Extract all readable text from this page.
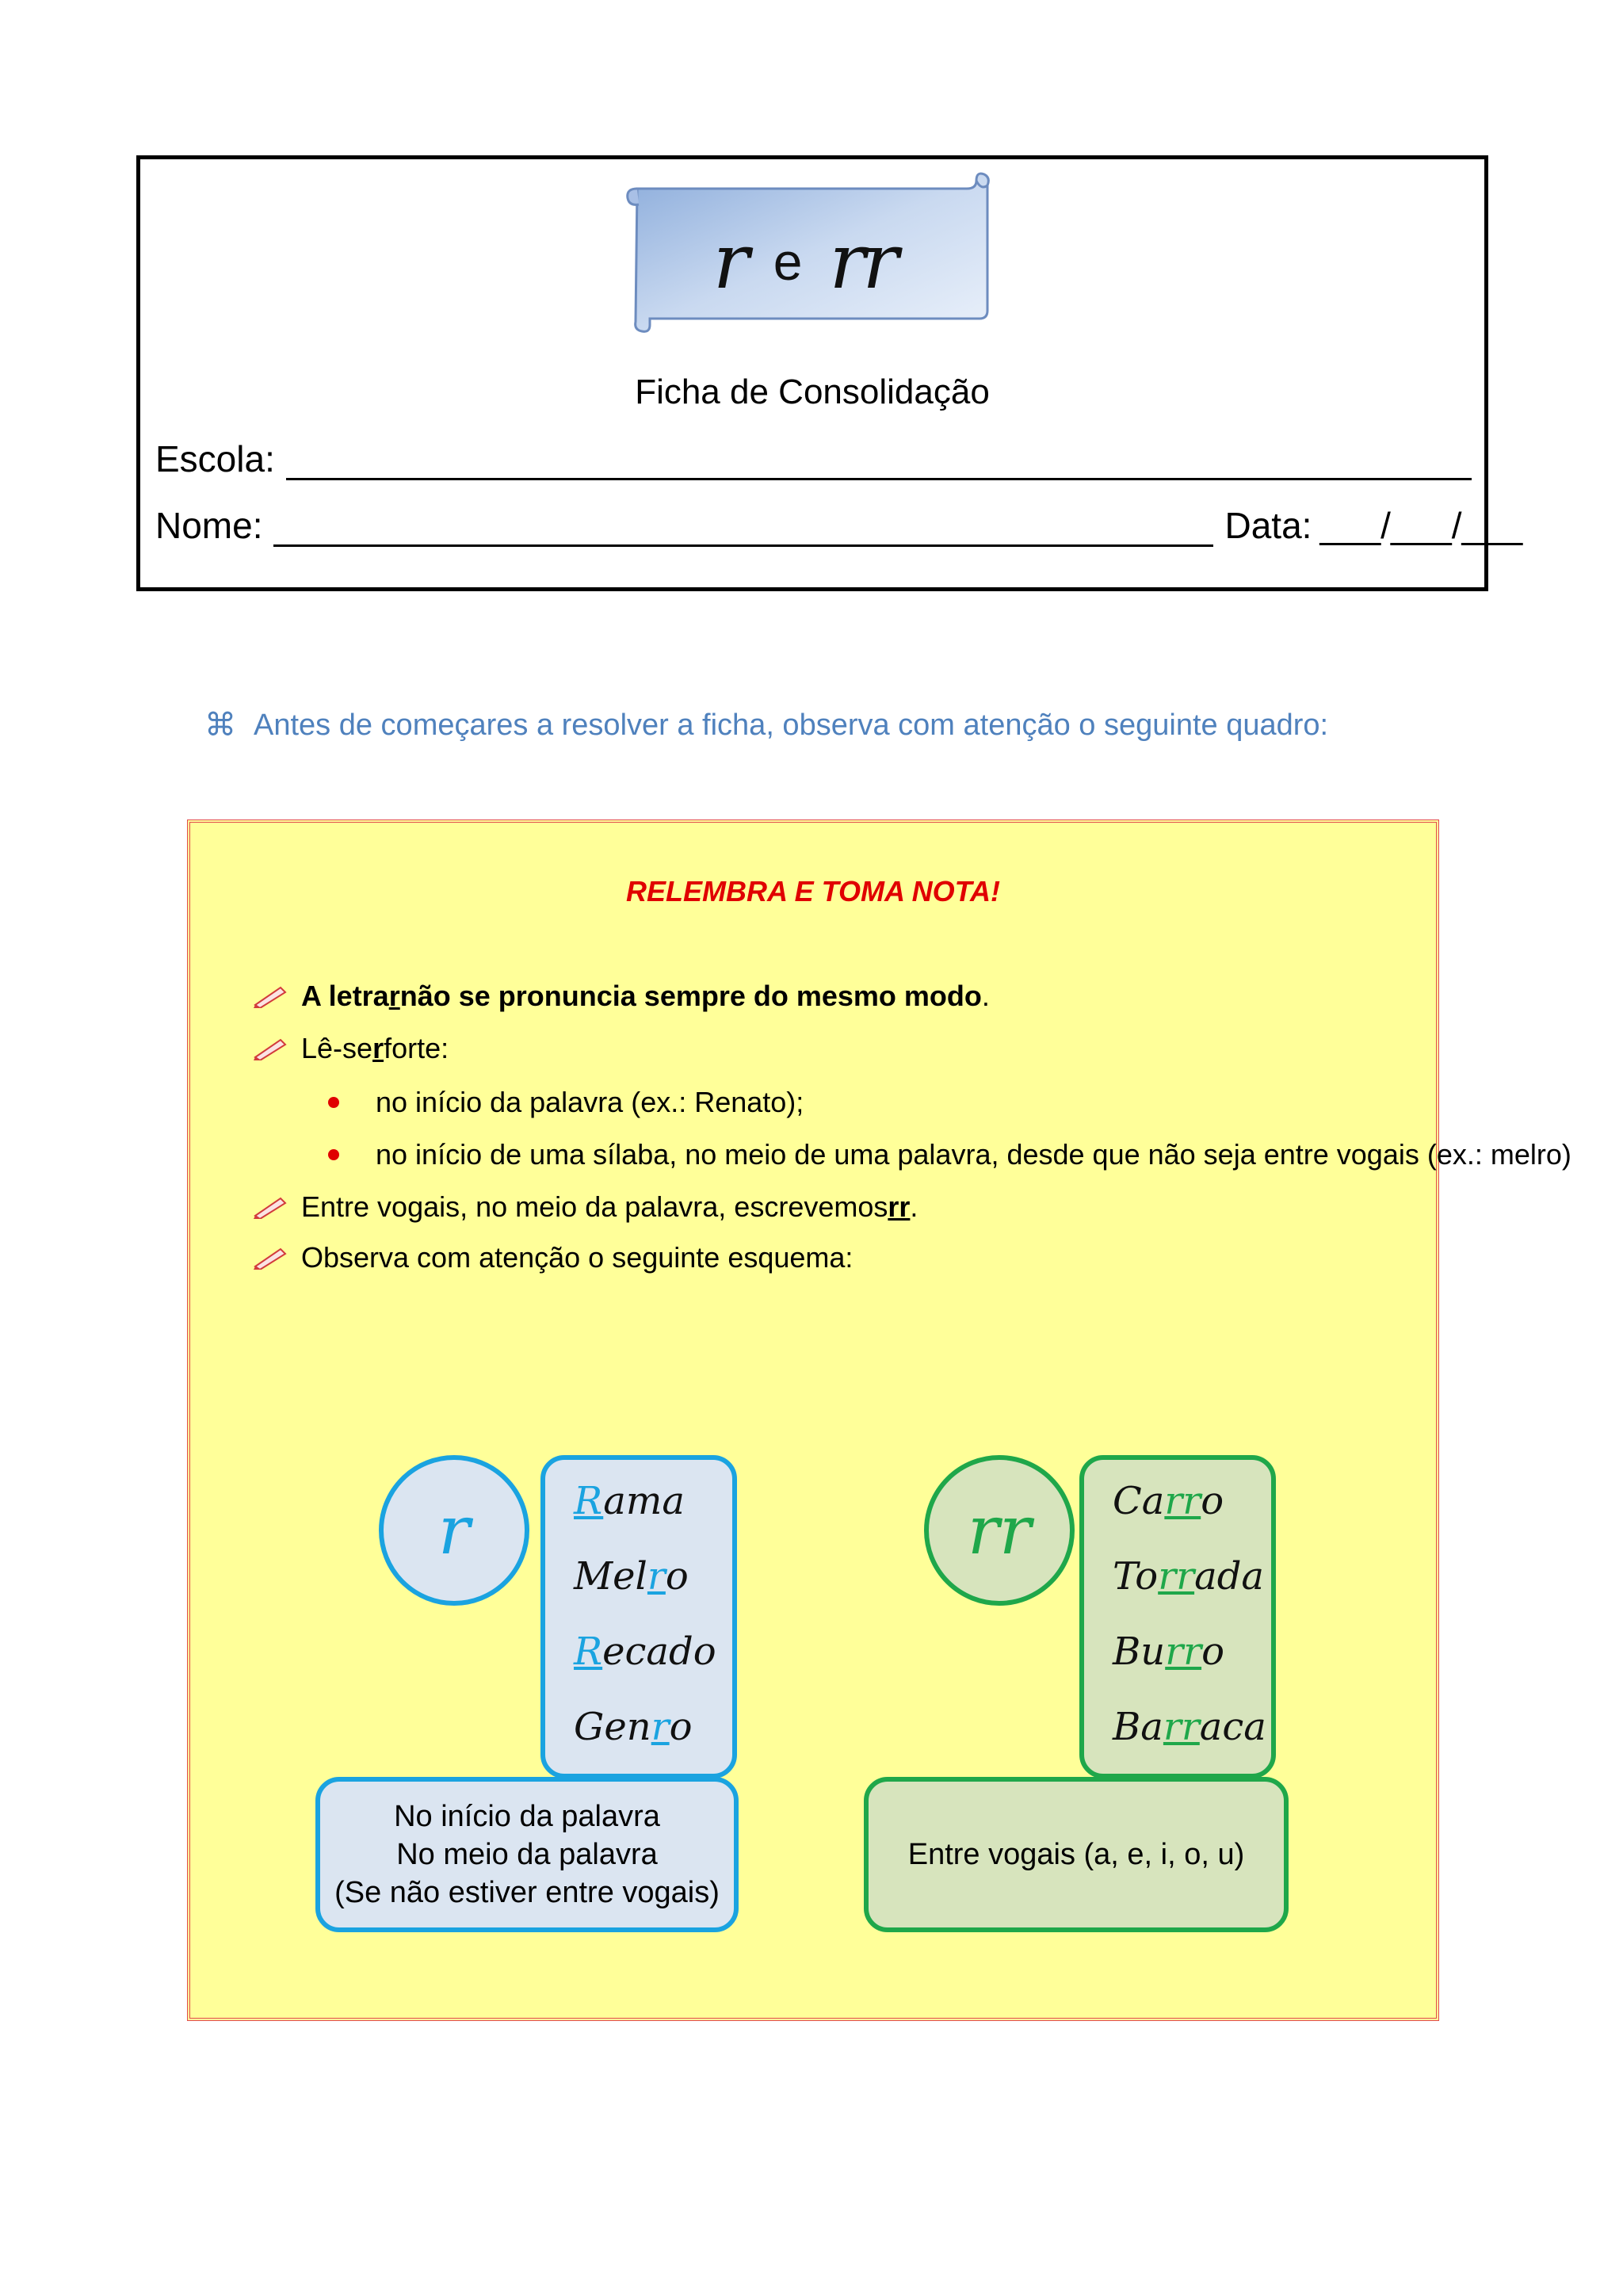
r e rr
Ficha de Consolidação
Escola:
Nome:	Data: ___/___/___
⌘ Antes de começares a resolver a ficha, observa com atenção o seguinte quadro:
RELEMBRA E TOMA NOTA!
A letra r não se pronuncia sempre do mesmo modo .
Lê-se r forte:
no início da palavra (ex.: Renato);
no início de uma sílaba, no meio de uma palavra, desde que não seja entre vogais (ex.: melro)
Entre vogais, no meio da palavra, escrevemos rr .
Observa com atenção o seguinte esquema:
r	Rama
Melro
Recado
Genro
No início da palavra
No meio da palavra
(Se não estiver entre vogais)
rr	Carro
Torrada
Burro
Barraca
Entre vogais (a, e, i, o, u)
